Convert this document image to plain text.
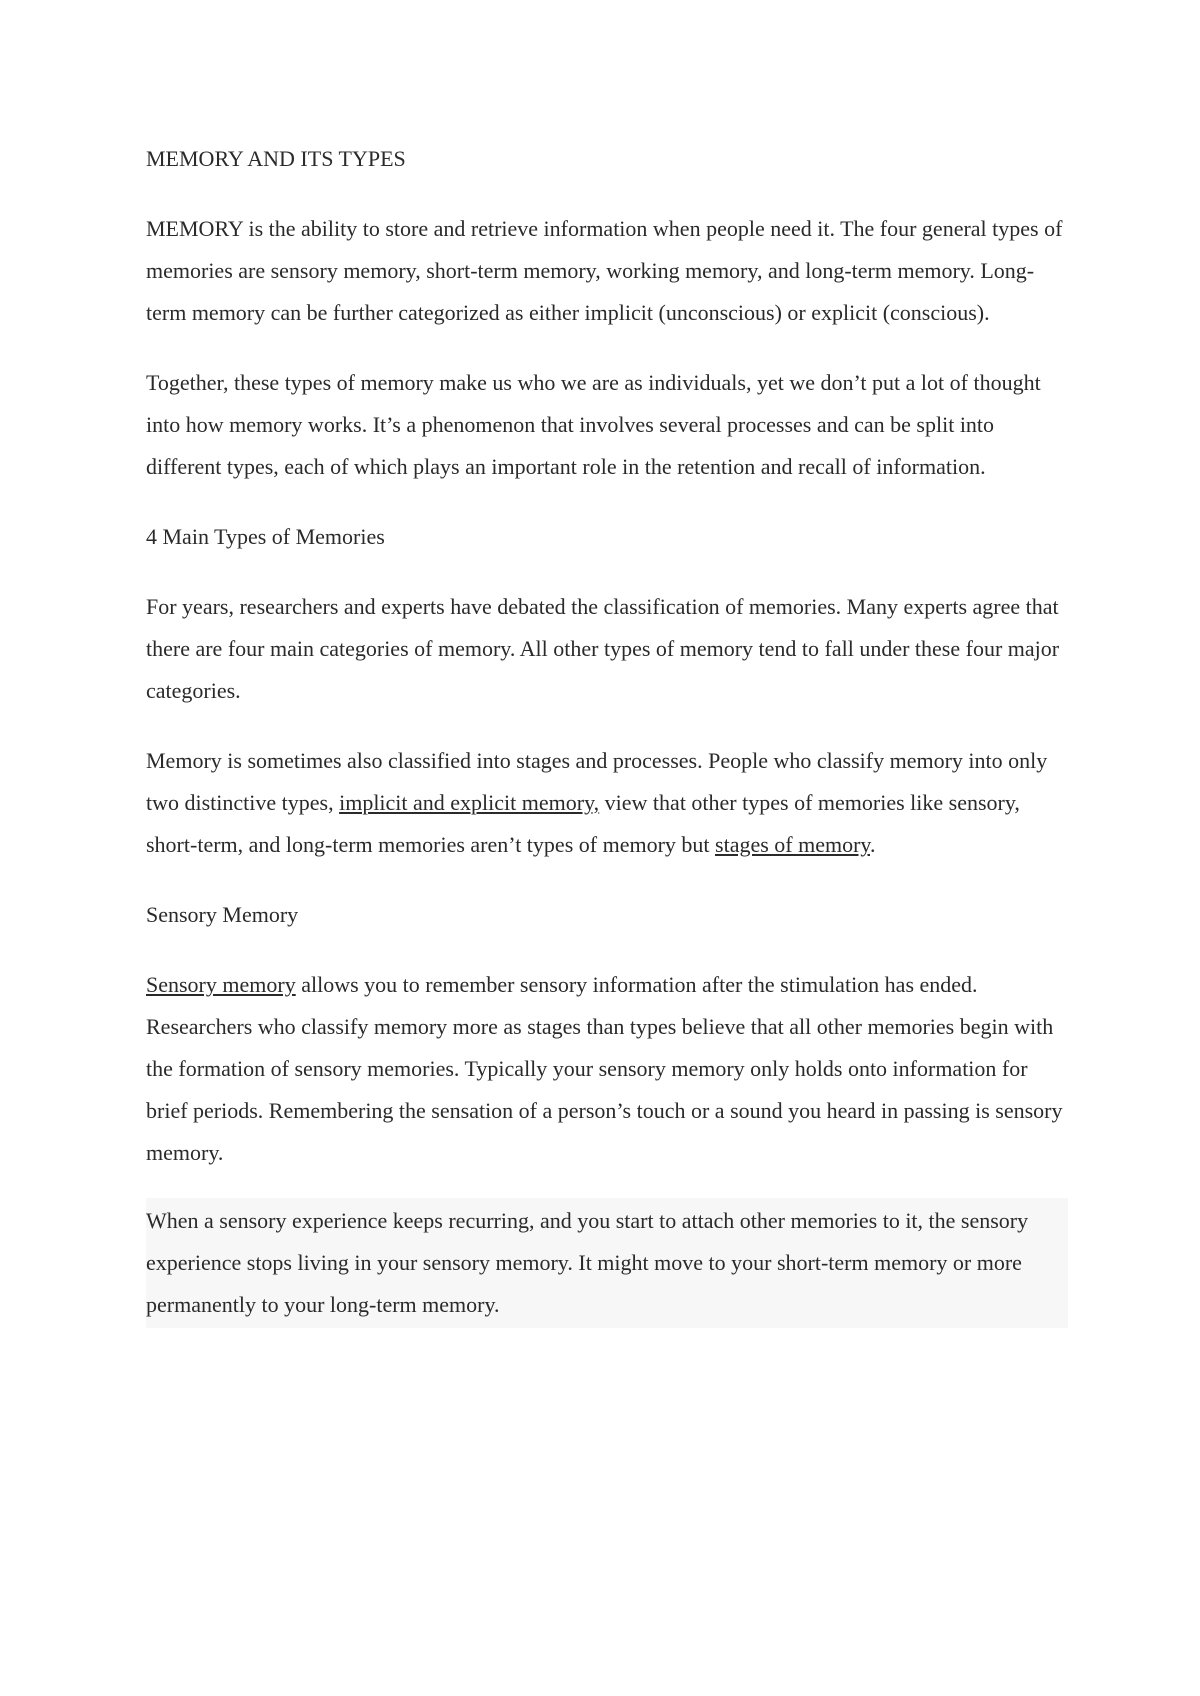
MEMORY AND ITS TYPES

MEMORY is the ability to store and retrieve information when people need it. The four general types of memories are sensory memory, short-term memory, working memory, and long-term memory. Long-term memory can be further categorized as either implicit (unconscious) or explicit (conscious).

Together, these types of memory make us who we are as individuals, yet we don’t put a lot of thought into how memory works. It’s a phenomenon that involves several processes and can be split into different types, each of which plays an important role in the retention and recall of information.

4 Main Types of Memories

For years, researchers and experts have debated the classification of memories. Many experts agree that there are four main categories of memory. All other types of memory tend to fall under these four major categories.

Memory is sometimes also classified into stages and processes. People who classify memory into only two distinctive types, implicit and explicit memory, view that other types of memories like sensory, short-term, and long-term memories aren’t types of memory but stages of memory.

Sensory Memory

Sensory memory allows you to remember sensory information after the stimulation has ended. Researchers who classify memory more as stages than types believe that all other memories begin with the formation of sensory memories. Typically your sensory memory only holds onto information for brief periods. Remembering the sensation of a person’s touch or a sound you heard in passing is sensory memory.

When a sensory experience keeps recurring, and you start to attach other memories to it, the sensory experience stops living in your sensory memory. It might move to your short-term memory or more permanently to your long-term memory.
